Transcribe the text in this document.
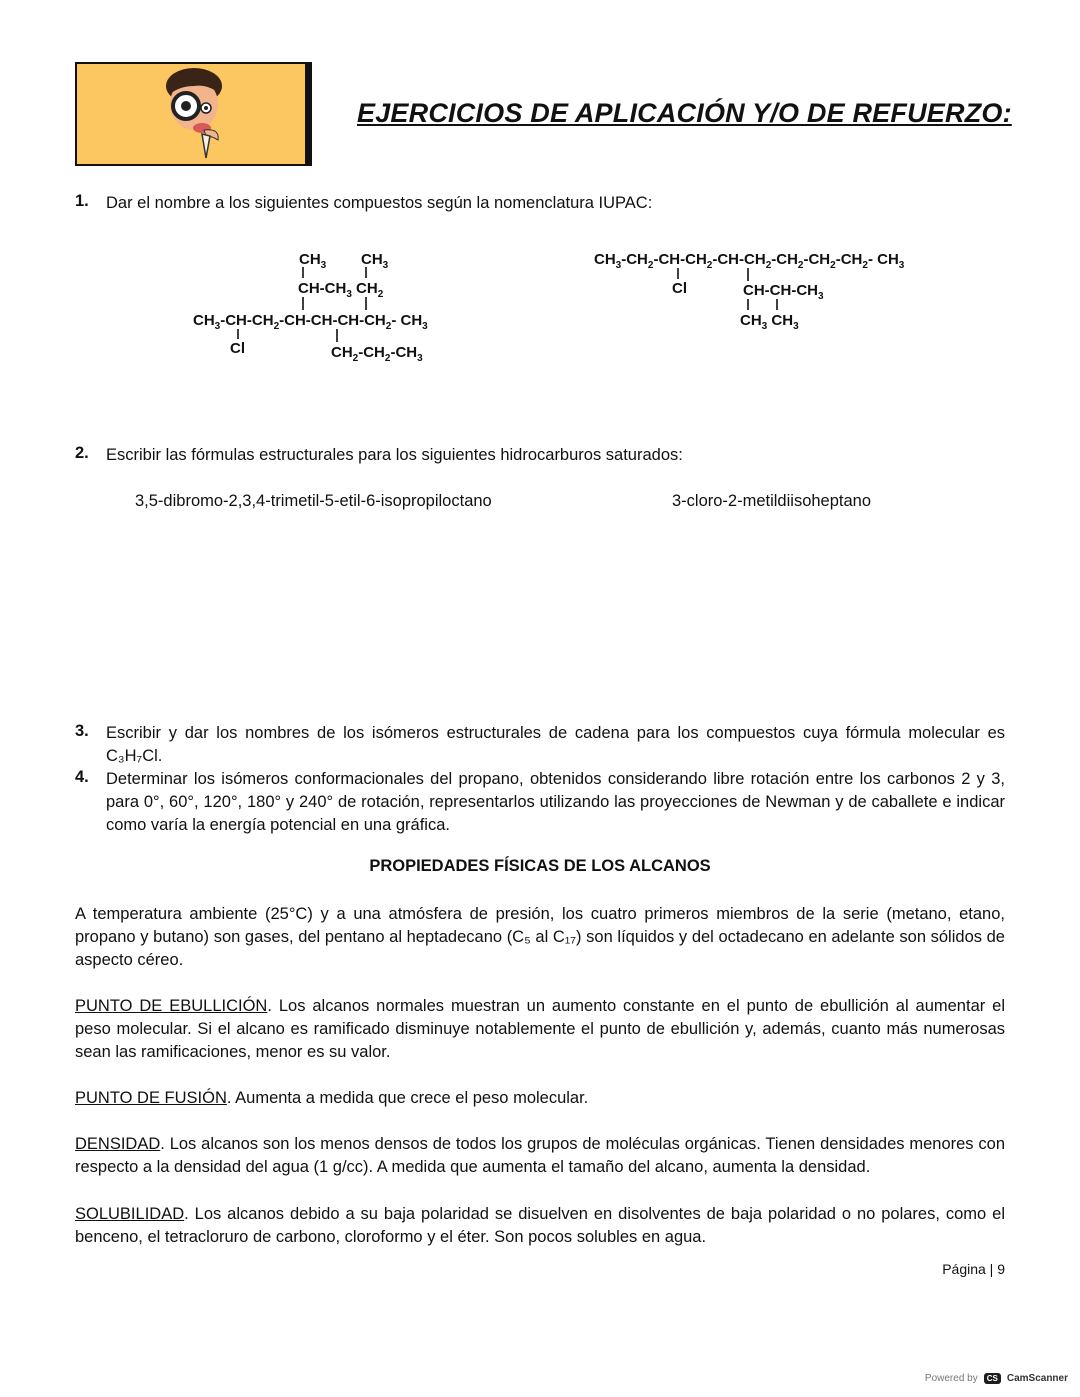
EJERCICIOS DE APLICACIÓN Y/O DE REFUERZO:
1. Dar el nombre a los siguientes compuestos según la nomenclatura IUPAC:
$CH_3$ $CH_3$
$CH-CH_3$ $CH_2$
$CH_3-CH-CH_2-CH-CH-CH-CH_2-$ $CH_3$
Cl	$CH_2-CH_2-CH_3$
$CH_3-CH_2-CH-CH_2-CH-CH_2-CH_2-CH_2-CH_2-$ $CH_3$
Cl	$CH-CH-CH_3$
$CH_3$ $CH_3$
2. Escribir las fórmulas estructurales para los siguientes hidrocarburos saturados:
3,5-dibromo-2,3,4-trimetil-5-etil-6-isopropiloctano	3-cloro-2-metildiisoheptano
3. Escribir y dar los nombres de los isómeros estructurales de cadena para los compuestos cuya fórmula molecular es C₃H₇Cl.
4. Determinar los isómeros conformacionales del propano, obtenidos considerando libre rotación entre los carbonos 2 y 3, para 0°, 60°, 120°, 180° y 240° de rotación, representarlos utilizando las proyecciones de Newman y de caballete e indicar como varía la energía potencial en una gráfica.
PROPIEDADES FÍSICAS DE LOS ALCANOS
A temperatura ambiente (25°C) y a una atmósfera de presión, los cuatro primeros miembros de la serie (metano, etano, propano y butano) son gases, del pentano al heptadecano (C₅ al C₁₇) son líquidos y del octadecano en adelante son sólidos de aspecto céreo.
PUNTO DE EBULLICIÓN. Los alcanos normales muestran un aumento constante en el punto de ebullición al aumentar el peso molecular. Si el alcano es ramificado disminuye notablemente el punto de ebullición y, además, cuanto más numerosas sean las ramificaciones, menor es su valor.
PUNTO DE FUSIÓN. Aumenta a medida que crece el peso molecular.
DENSIDAD. Los alcanos son los menos densos de todos los grupos de moléculas orgánicas. Tienen densidades menores con respecto a la densidad del agua (1 g/cc). A medida que aumenta el tamaño del alcano, aumenta la densidad.
SOLUBILIDAD. Los alcanos debido a su baja polaridad se disuelven en disolventes de baja polaridad o no polares, como el benceno, el tetracloruro de carbono, cloroformo y el éter. Son pocos solubles en agua.
Página | 9
Powered by	CS CamScanner
